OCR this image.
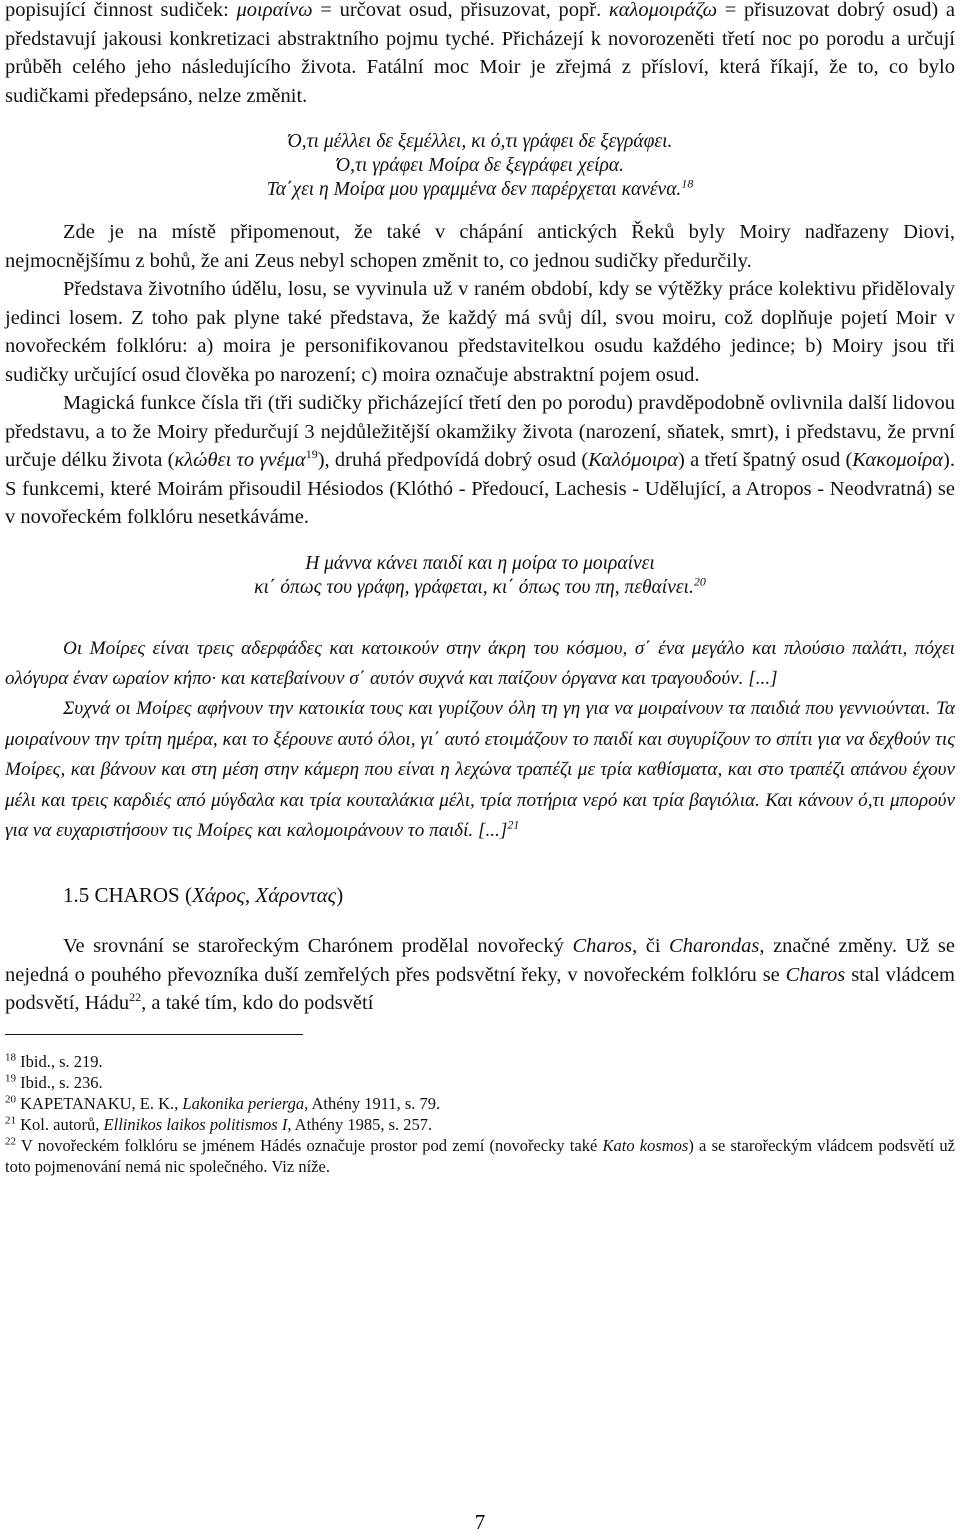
popisující činnost sudiček: μοιραίνω = určovat osud, přisuzovat, popř. καλομοιράζω = přisuzovat dobrý osud) a představují jakousi konkretizaci abstraktního pojmu tyché. Přicházejí k novorozeněti třetí noc po porodu a určují průběh celého jeho následujícího života. Fatální moc Moir je zřejmá z přísloví, která říkají, že to, co bylo sudičkami předepsáno, nelze změnit.

Ό,τι μέλλει δε ξεμέλλει, κι ό,τι γράφει δε ξεγράφει.

Ό,τι γράφει Μοίρα δε ξεγράφει χείρα.

Τα΄χει η Μοίρα μου γραμμένα δεν παρέρχεται κανένα.$^{18}$

Zde je na místě připomenout, že také v chápání antických Řeků byly Moiry nadřazeny Diovi, nejmocnějšímu z bohů, že ani Zeus nebyl schopen změnit to, co jednou sudičky předurčily.

Představa životního údělu, losu, se vyvinula už v raném období, kdy se výtěžky práce kolektivu přidělovaly jedinci losem. Z toho pak plyne také představa, že každý má svůj díl, svou moiru, což doplňuje pojetí Moir v novořeckém folklóru: a) moira je personifikovanou představitelkou osudu každého jedince; b) Moiry jsou tři sudičky určující osud člověka po narození; c) moira označuje abstraktní pojem osud.

Magická funkce čísla tři (tři sudičky přicházející třetí den po porodu) pravděpodobně ovlivnila další lidovou představu, a to že Moiry předurčují 3 nejdůležitější okamžiky života (narození, sňatek, smrt), i představu, že první určuje délku života (κλώθει το γνέμα$^{19}$), druhá předpovídá dobrý osud (Καλόμοιρα) a třetí špatný osud (Κακομοίρα). S funkcemi, které Moirám přisoudil Hésiodos (Klóthó - Předoucí, Lachesis - Udělující, a Atropos - Neodvratná) se v novořeckém folklóru nesetkáváme.

Η μάννα κάνει παιδί και η μοίρα το μοιραίνει

κι΄ όπως του γράφη, γράφεται, κι΄ όπως του πη, πεθαίνει.$^{20}$

Οι Μοίρες είναι τρεις αδερφάδες και κατοικούν στην άκρη του κόσμου, σ΄ ένα μεγάλο και πλούσιο παλάτι, πόχει ολόγυρα έναν ωραίον κήπο· και κατεβαίνουν σ΄ αυτόν συχνά και παίζουν όργανα και τραγουδούν. [...]

Συχνά οι Μοίρες αφήνουν την κατοικία τους και γυρίζουν όλη τη γη για να μοιραίνουν τα παιδιά που γεννιούνται. Τα μοιραίνουν την τρίτη ημέρα, και το ξέρουνε αυτό όλοι, γι΄ αυτό ετοιμάζουν το παιδί και συγυρίζουν το σπίτι για να δεχθούν τις Μοίρες, και βάνουν και στη μέση στην κάμερη που είναι η λεχώνα τραπέζι με τρία καθίσματα, και στο τραπέζι απάνου έχουν μέλι και τρεις καρδιές από μύγδαλα και τρία κουταλάκια μέλι, τρία ποτήρια νερό και τρία βαγιόλια. Και κάνουν ό,τι μπορούν για να ευχαριστήσουν τις Μοίρες και καλομοιράνουν το παιδί. [...]$^{21}$

1.5 CHAROS (Χάρος, Χάροντας)

Ve srovnání se starořeckým Charónem prodělal novořecký Charos, či Charondas, značné změny. Už se nejedná o pouhého převozníka duší zemřelých přes podsvětní řeky, v novořeckém folklóru se Charos stal vládcem podsvětí, Hádu$^{22}$, a také tím, kdo do podsvětí

$^{18}$ Ibid., s. 219.

$^{19}$ Ibid., s. 236.

$^{20}$ KAPETANAKU, E. K., Lakonika perierga, Athény 1911, s. 79.

$^{21}$ Kol. autorů, Ellinikos laikos politismos I, Athény 1985, s. 257.

$^{22}$ V novořeckém folklóru se jménem Hádés označuje prostor pod zemí (novořecky také Kato kosmos) a se starořeckým vládcem podsvětí už toto pojmenování nemá nic společného. Viz níže.

7
